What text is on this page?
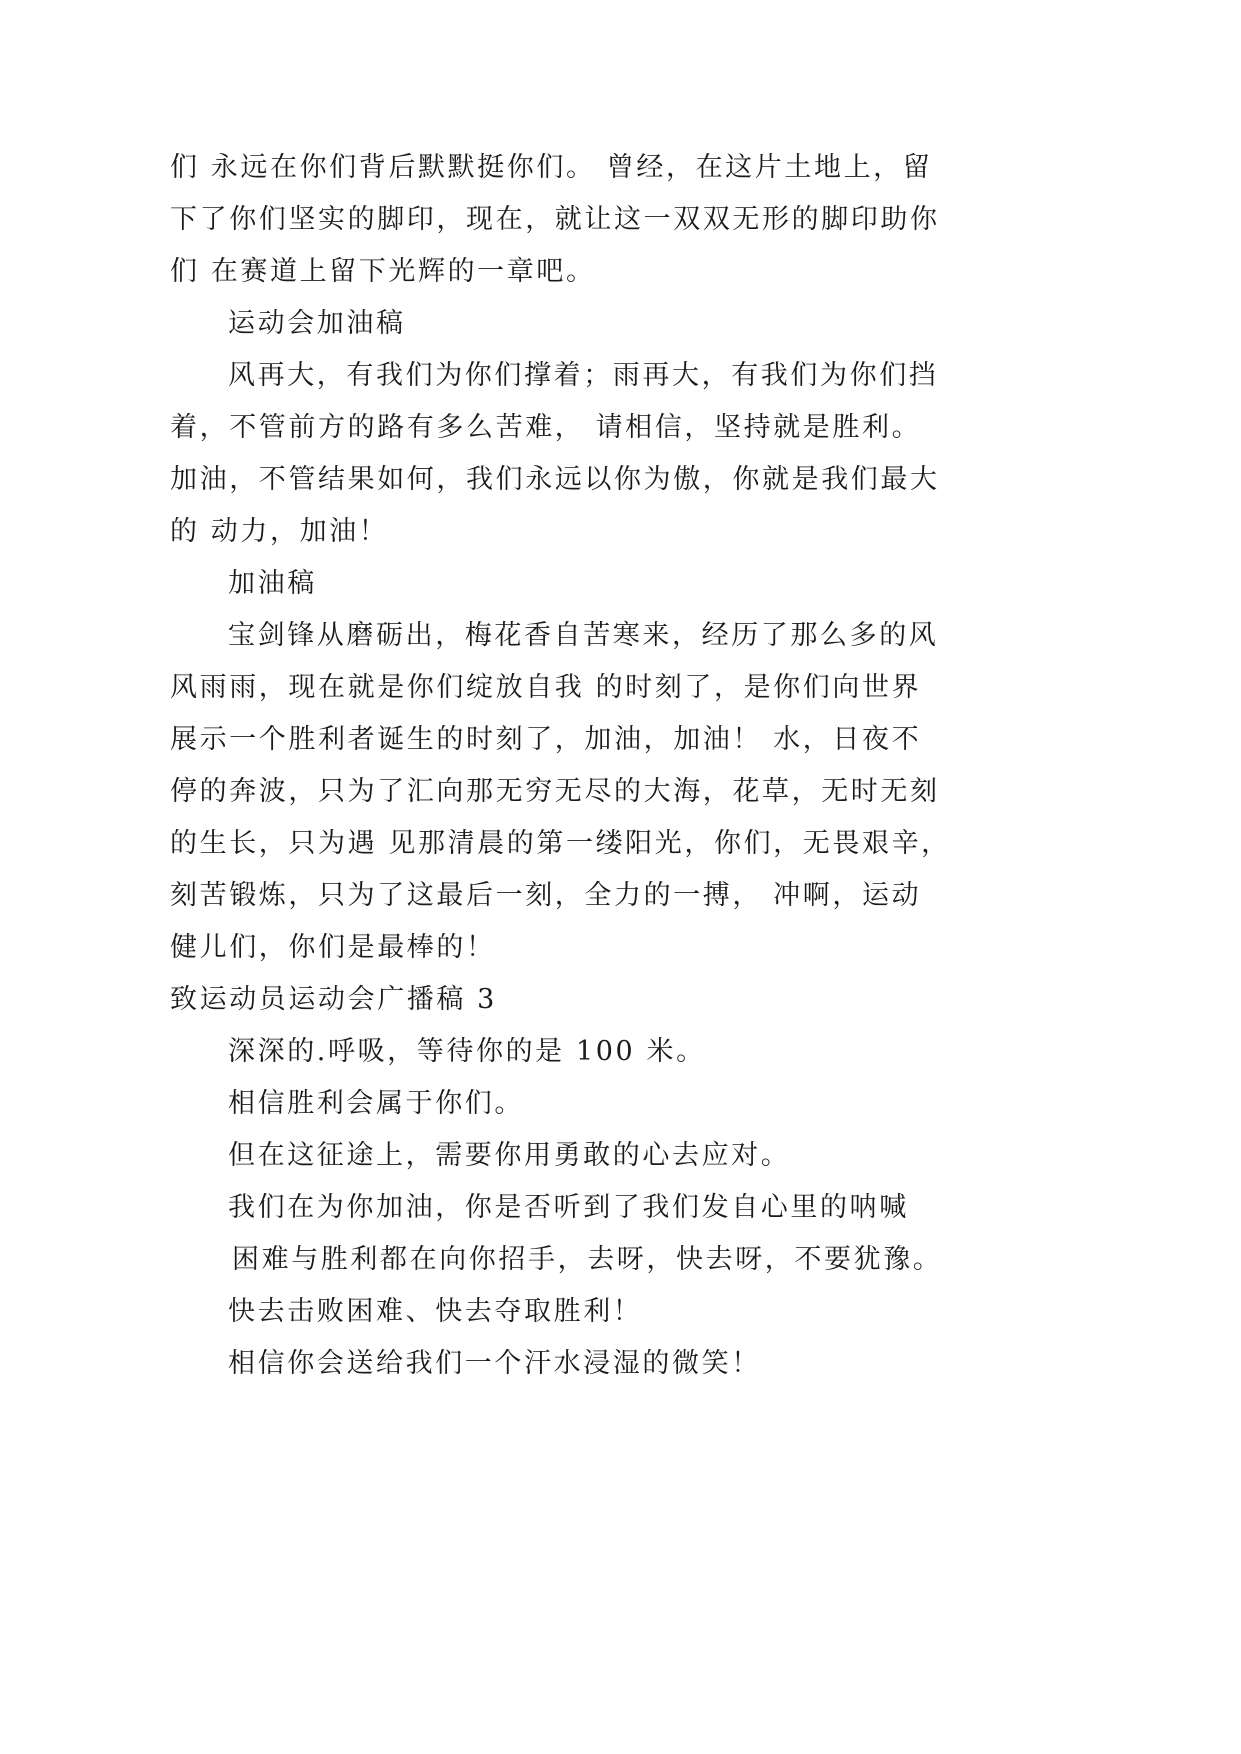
们 永远在你们背后默默挺你们。 曾经，在这片土地上，留
下了你们坚实的脚印，现在，就让这一双双无形的脚印助你
们 在赛道上留下光辉的一章吧。
运动会加油稿
风再大，有我们为你们撑着；雨再大，有我们为你们挡
着，不管前方的路有多么苦难， 请相信，坚持就是胜利。
加油，不管结果如何，我们永远以你为傲，你就是我们最大
的 动力，加油！
加油稿
宝剑锋从磨砺出，梅花香自苦寒来，经历了那么多的风
风雨雨，现在就是你们绽放自我 的时刻了，是你们向世界
展示一个胜利者诞生的时刻了，加油，加油！ 水，日夜不
停的奔波，只为了汇向那无穷无尽的大海，花草，无时无刻
的生长，只为遇 见那清晨的第一缕阳光，你们，无畏艰辛，
刻苦锻炼，只为了这最后一刻，全力的一搏， 冲啊，运动
健儿们，你们是最棒的！
致运动员运动会广播稿 3
深深的.呼吸，等待你的是 100 米。
相信胜利会属于你们。
但在这征途上，需要你用勇敢的心去应对。
我们在为你加油，你是否听到了我们发自心里的呐喊
困难与胜利都在向你招手，去呀，快去呀，不要犹豫。
快去击败困难、快去夺取胜利！
相信你会送给我们一个汗水浸湿的微笑！
